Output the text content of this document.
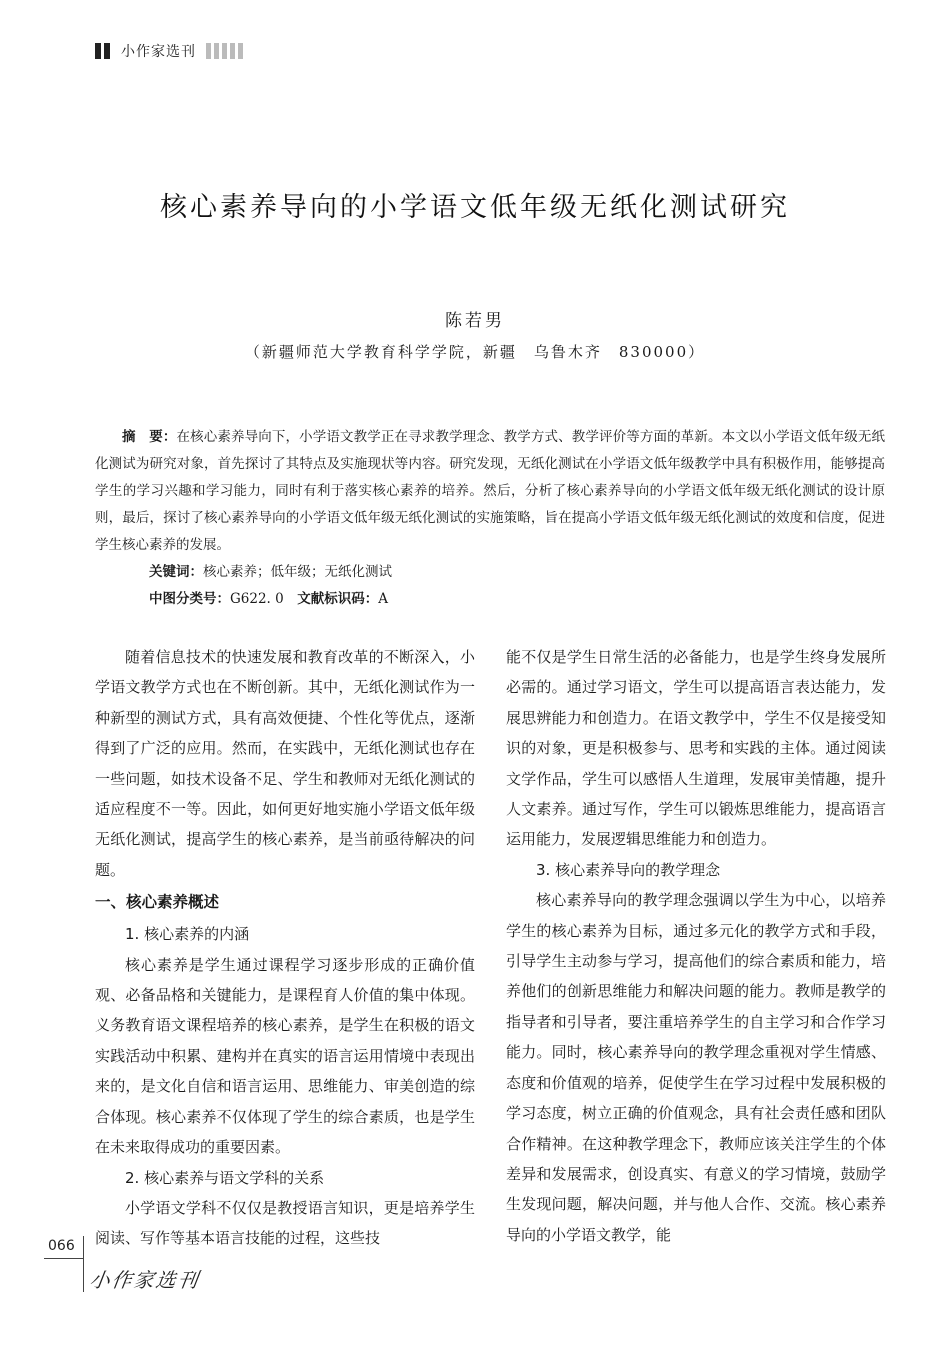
小作家选刊
核心素养导向的小学语文低年级无纸化测试研究
陈若男
（新疆师范大学教育科学学院，新疆　乌鲁木齐　830000）

摘　要：在核心素养导向下，小学语文教学正在寻求教学理念、教学方式、教学评价等方面的革新。本文以小学语文低年级无纸化测试为研究对象，首先探讨了其特点及实施现状等内容。研究发现，无纸化测试在小学语文低年级教学中具有积极作用，能够提高学生的学习兴趣和学习能力，同时有利于落实核心素养的培养。然后，分析了核心素养导向的小学语文低年级无纸化测试的设计原则，最后，探讨了核心素养导向的小学语文低年级无纸化测试的实施策略，旨在提高小学语文低年级无纸化测试的效度和信度，促进学生核心素养的发展。

关键词：核心素养；低年级；无纸化测试

中图分类号：G622. 0　 文献标识码：A

随着信息技术的快速发展和教育改革的不断深入，小学语文教学方式也在不断创新。其中，无纸化测试作为一种新型的测试方式，具有高效便捷、个性化等优点，逐渐得到了广泛的应用。然而，在实践中，无纸化测试也存在一些问题，如技术设备不足、学生和教师对无纸化测试的适应程度不一等。因此，如何更好地实施小学语文低年级无纸化测试，提高学生的核心素养，是当前亟待解决的问题。

一、核心素养概述
1. 核心素养的内涵

核心素养是学生通过课程学习逐步形成的正确价值观、必备品格和关键能力，是课程育人价值的集中体现。义务教育语文课程培养的核心素养，是学生在积极的语文实践活动中积累、建构并在真实的语言运用情境中表现出来的，是文化自信和语言运用、思维能力、审美创造的综合体现。核心素养不仅体现了学生的综合素质，也是学生在未来取得成功的重要因素。

2. 核心素养与语文学科的关系

小学语文学科不仅仅是教授语言知识，更是培养学生阅读、写作等基本语言技能的过程，这些技

能不仅是学生日常生活的必备能力，也是学生终身发展所必需的。通过学习语文，学生可以提高语言表达能力，发展思辨能力和创造力。在语文教学中，学生不仅是接受知识的对象，更是积极参与、思考和实践的主体。通过阅读文学作品，学生可以感悟人生道理，发展审美情趣，提升人文素养。通过写作，学生可以锻炼思维能力，提高语言运用能力，发展逻辑思维能力和创造力。

3. 核心素养导向的教学理念

核心素养导向的教学理念强调以学生为中心，以培养学生的核心素养为目标，通过多元化的教学方式和手段，引导学生主动参与学习，提高他们的综合素质和能力，培养他们的创新思维能力和解决问题的能力。教师是教学的指导者和引导者，要注重培养学生的自主学习和合作学习能力。同时，核心素养导向的教学理念重视对学生情感、态度和价值观的培养，促使学生在学习过程中发展积极的学习态度，树立正确的价值观念，具有社会责任感和团队合作精神。在这种教学理念下，教师应该关注学生的个体差异和发展需求，创设真实、有意义的学习情境，鼓励学生发现问题，解决问题，并与他人合作、交流。核心素养导向的小学语文教学，能

066
小作家选刊
